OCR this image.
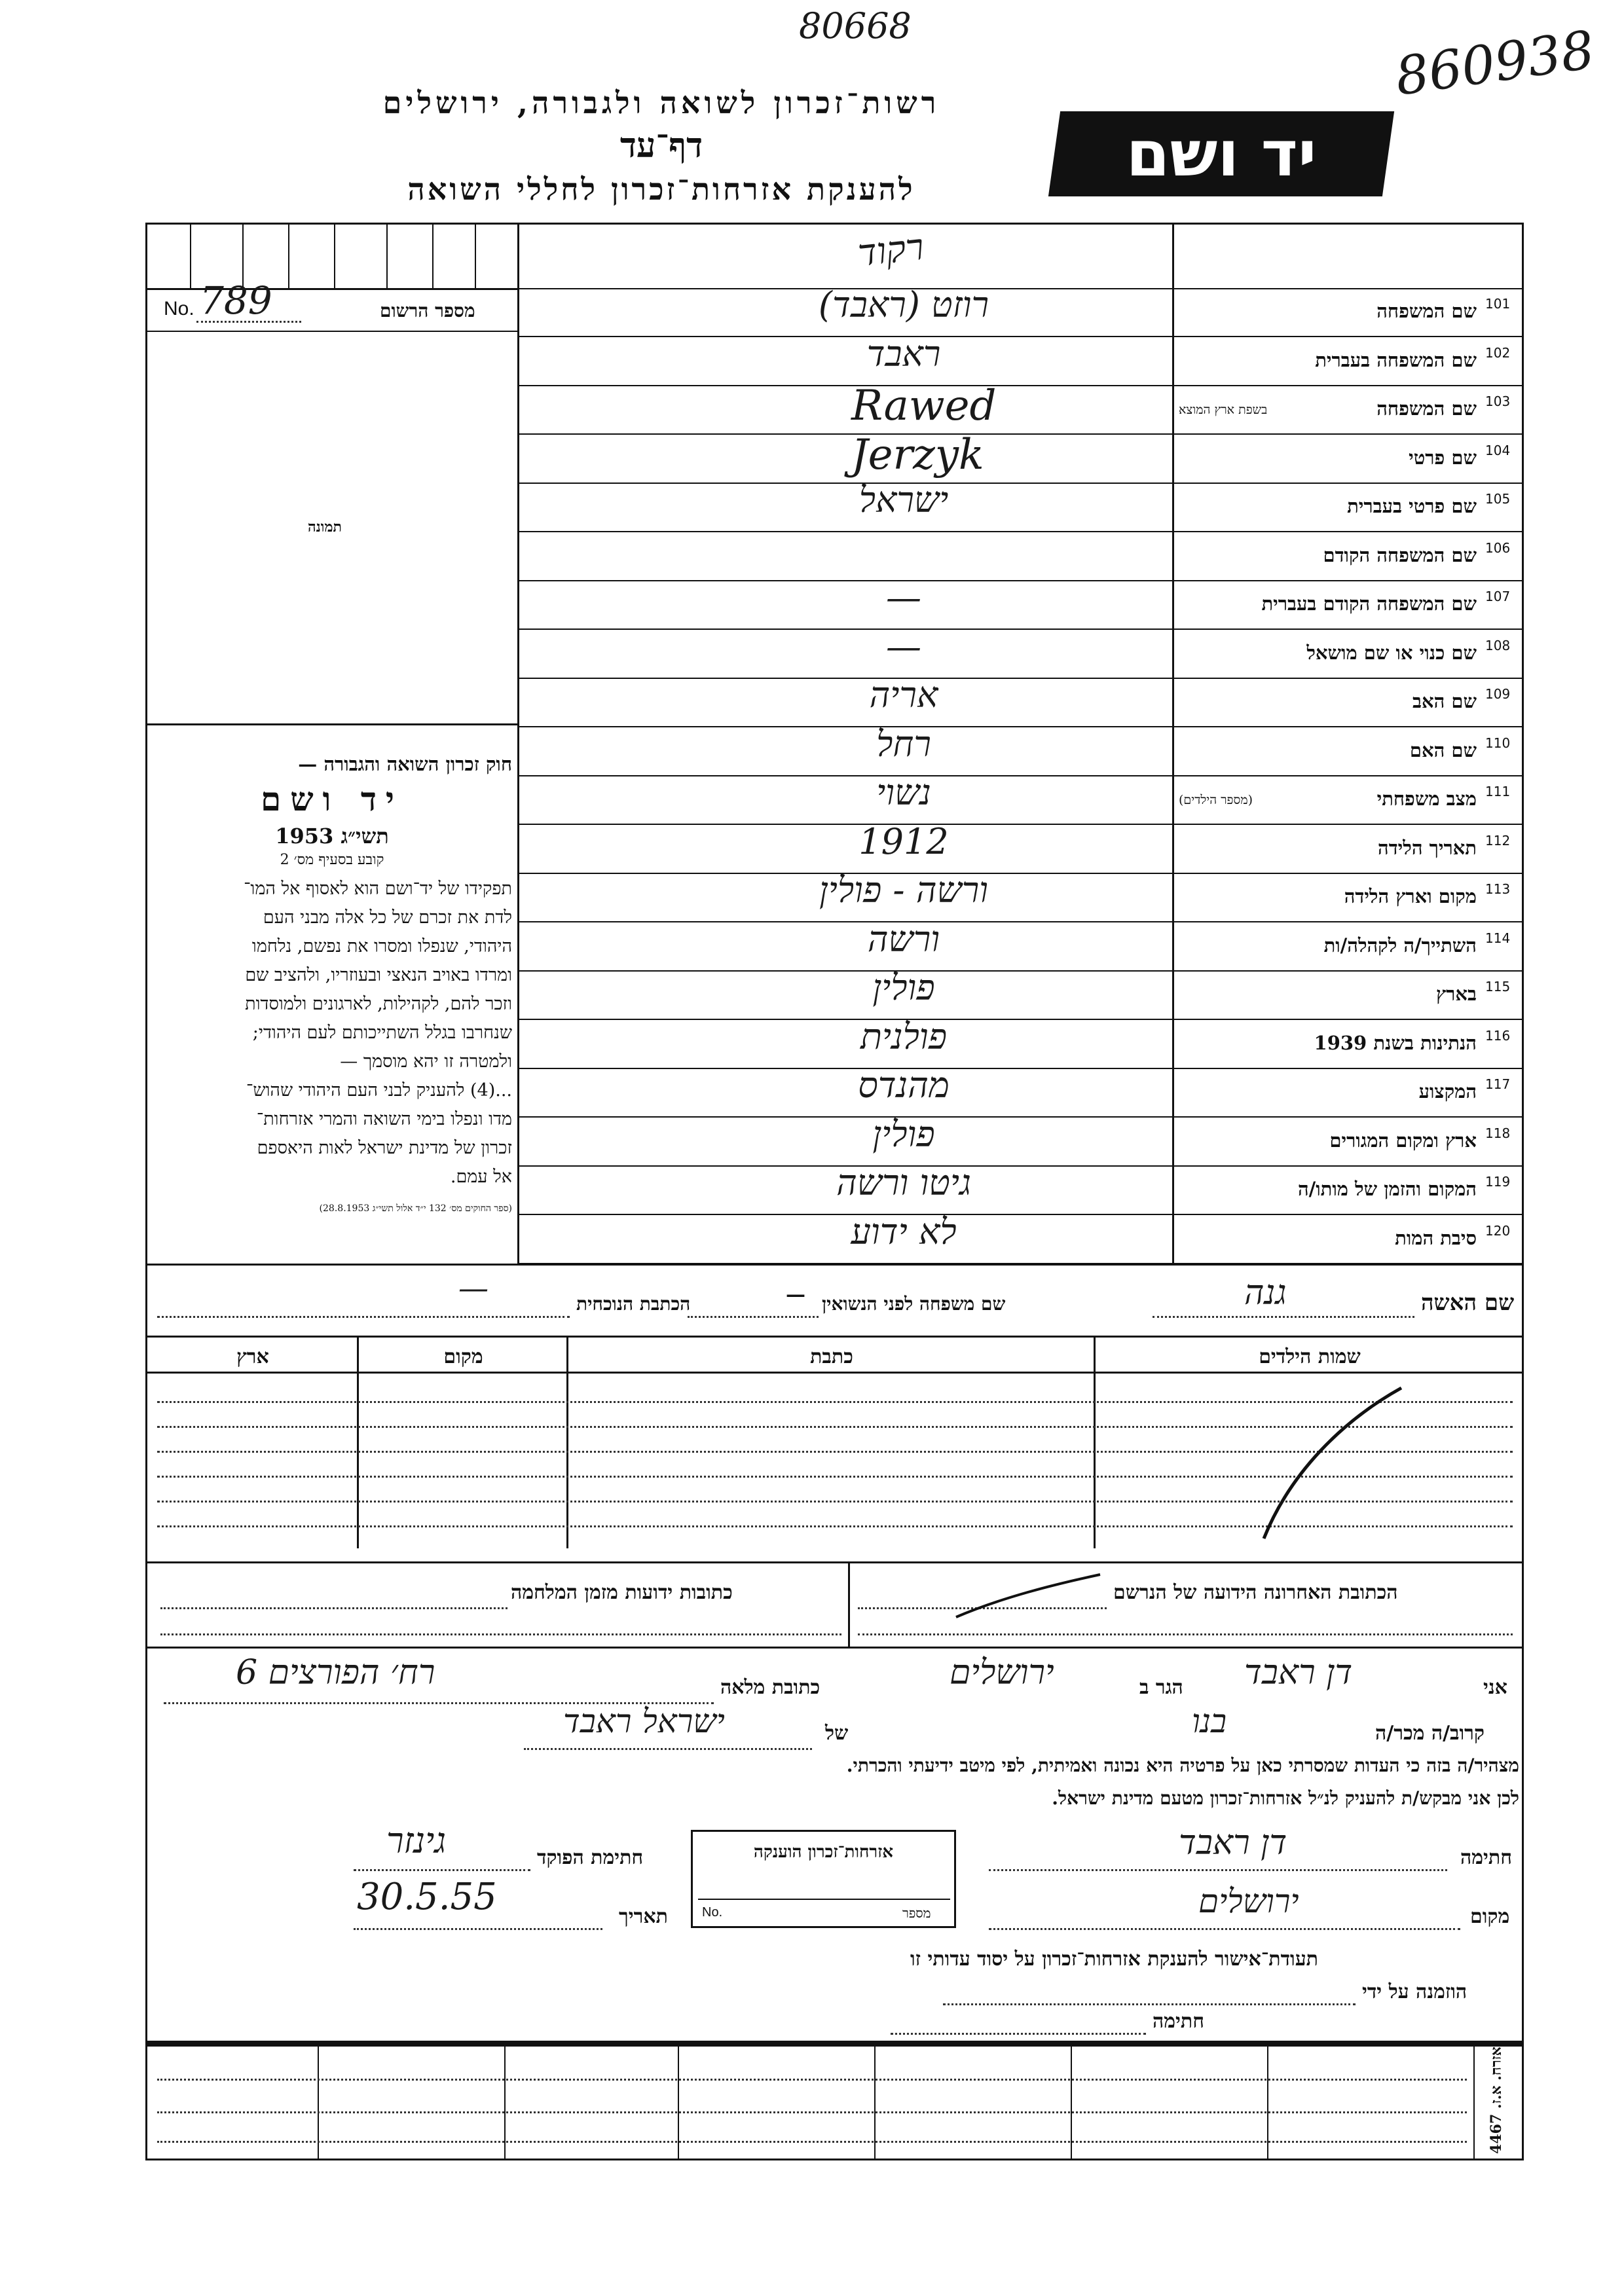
80668	860938
רשות־זכרון לשואה ולגבורה, ירושלים
דף־עד
להענקת אזרחות־זכרון לחללי השואה	יד ושם
No. 789	מספר הרשום
תמונה
רקוד
חוק זכרון השואה והגבורה —
יד ושם
תשי״ג 1953
קובע בסעיף מס׳ 2

תפקידו של יד־ושם הוא לאסוף אל המו־

לדת את זכרם של כל אלה מבני העם

היהודי, שנפלו ומסרו את נפשם, נלחמו

ומרדו באויב הנאצי ובעוזריו, ולהציב שם

וזכר להם, לקהילות, לארגונים ולמוסדות

שנחרבו בגלל השתייכותם לעם היהודי;

ולמטרה זו יהא מוסמך —

...(4) להעניק לבני העם היהודי שהוש־

מדו ונפלו בימי השואה והמרי אזרחות־

זכרון של מדינת ישראל לאות היאספם

אל עמם.

(ספר החוקים מס׳ 132 י״ד אלול תשי״ג 28.8.1953)
101
שם המשפחה
רוזט (ראבד)
102
שם המשפחה בעברית
ראבד
103
שם המשפחה
בשפת ארץ המוצא
Rawed
104
שם פרטי
Jerzyk
105
שם פרטי בעברית
ישראל
106
שם המשפחה הקודם
107
שם המשפחה הקודם בעברית
—
108
שם כנוי או שם מושאל
—
109
שם האב
אריה
110
שם האם
רחל
111
מצב משפחתי
(מספר הילדים)
נשוי
112
תאריך הלידה
1912
113
מקום וארץ הלידה
ורשה - פולין
114
השתייך/ה לקהלה/ות
ורשה
115
בארץ
פולין
116
הנתינות בשנת 1939
פולנית
117
המקצוע
מהנדס
118
ארץ ומקום המגורים
פולין
119
המקום והזמן של מותו/ה
גיטו ורשה
120
סיבת המות
לא ידוע
שם האשה
גנה
שם משפחה לפני הנשואין
—
הכתבת הנוכחית
—
שמות הילדים
כתבת
מקום
ארץ
הכתובת האחרונה הידועה של הנרשם
כתובות ידועות מזמן המלחמה
אני
דן ראבד
הגר ב
ירושלים
כתובת מלאה
רח׳ הפורצים 6
קרוב/ה מכר/ה
בנו
של
ישראל ראבד
מצהיר/ה בזה כי העדות שמסרתי כאן על פרטיה היא נכונה ואמיתית, לפי מיטב ידיעתי והכרתי.
לכן אני מבקש/ת להעניק לנ״ל אזרחות־זכרון מטעם מדינת ישראל.
חתימה
דן ראבד
מקום
ירושלים
אזרחות־זכרון הוענקה
No.	מספר
חתימת הפוקד
גינזר
תאריך
30.5.55
תעודת־אישור להענקת אזרחות־זכרון על יסוד עדותי זו
הוזמנה על ידי
חתימה
אזרח. א.ז. 4467
